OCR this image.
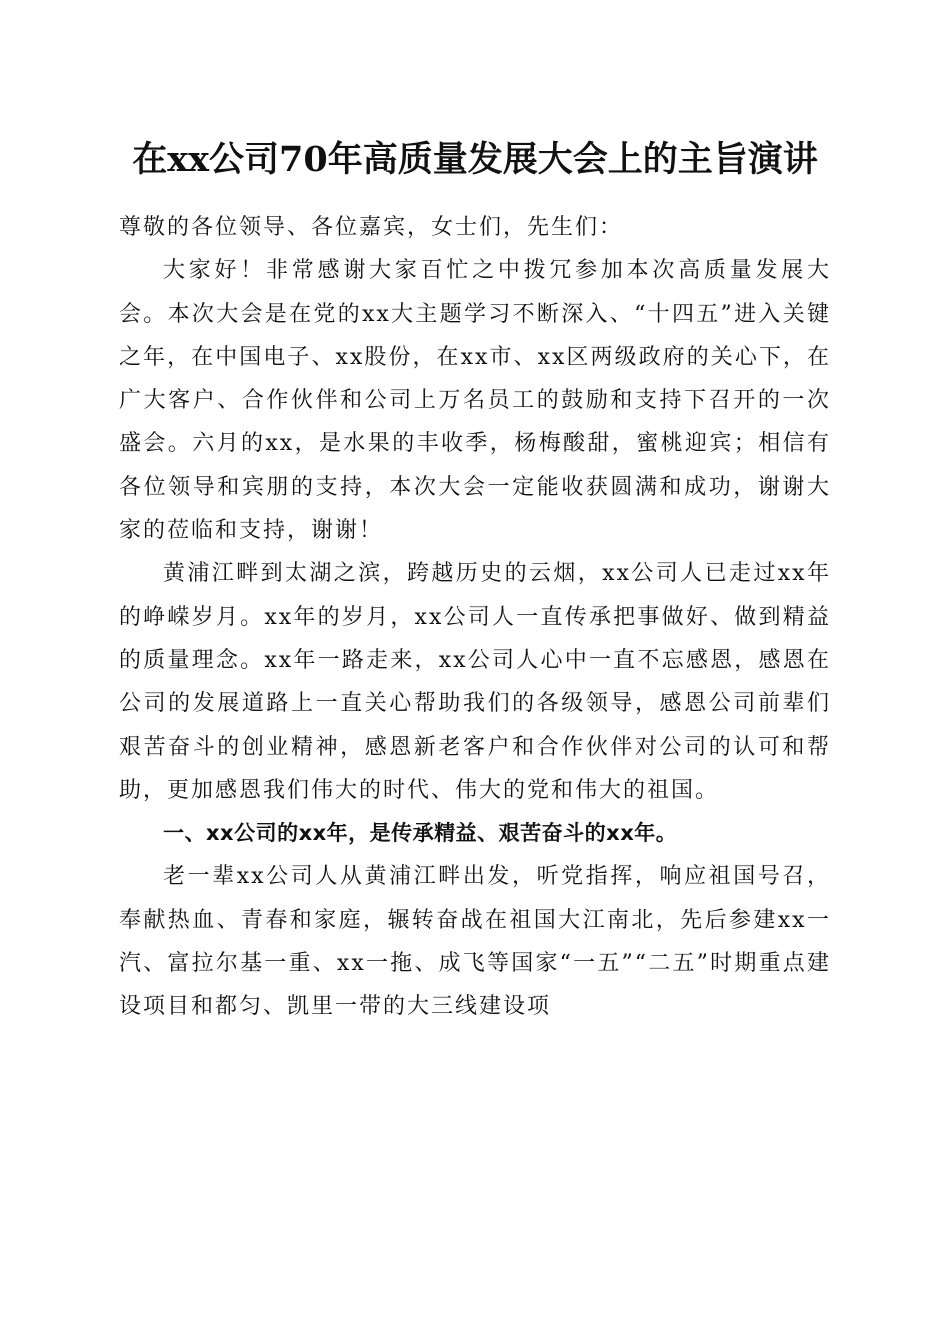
在xx公司70年高质量发展大会上的主旨演讲

尊敬的各位领导、各位嘉宾，女士们，先生们：

大家好！非常感谢大家百忙之中拨冗参加本次高质量发展大会。本次大会是在党的xx大主题学习不断深入、“十四五”进入关键之年，在中国电子、xx股份，在xx市、xx区两级政府的关心下，在广大客户、合作伙伴和公司上万名员工的鼓励和支持下召开的一次盛会。六月的xx，是水果的丰收季，杨梅酸甜，蜜桃迎宾；相信有各位领导和宾朋的支持，本次大会一定能收获圆满和成功，谢谢大家的莅临和支持，谢谢！

黄浦江畔到太湖之滨，跨越历史的云烟，xx公司人已走过xx年的峥嵘岁月。xx年的岁月，xx公司人一直传承把事做好、做到精益的质量理念。xx年一路走来，xx公司人心中一直不忘感恩，感恩在公司的发展道路上一直关心帮助我们的各级领导，感恩公司前辈们艰苦奋斗的创业精神，感恩新老客户和合作伙伴对公司的认可和帮助，更加感恩我们伟大的时代、伟大的党和伟大的祖国。

一、xx公司的xx年，是传承精益、艰苦奋斗的xx年。

老一辈xx公司人从黄浦江畔出发，听党指挥，响应祖国号召，奉献热血、青春和家庭，辗转奋战在祖国大江南北，先后参建xx一汽、富拉尔基一重、xx一拖、成飞等国家“一五”“二五”时期重点建设项目和都匀、凯里一带的大三线建设项
